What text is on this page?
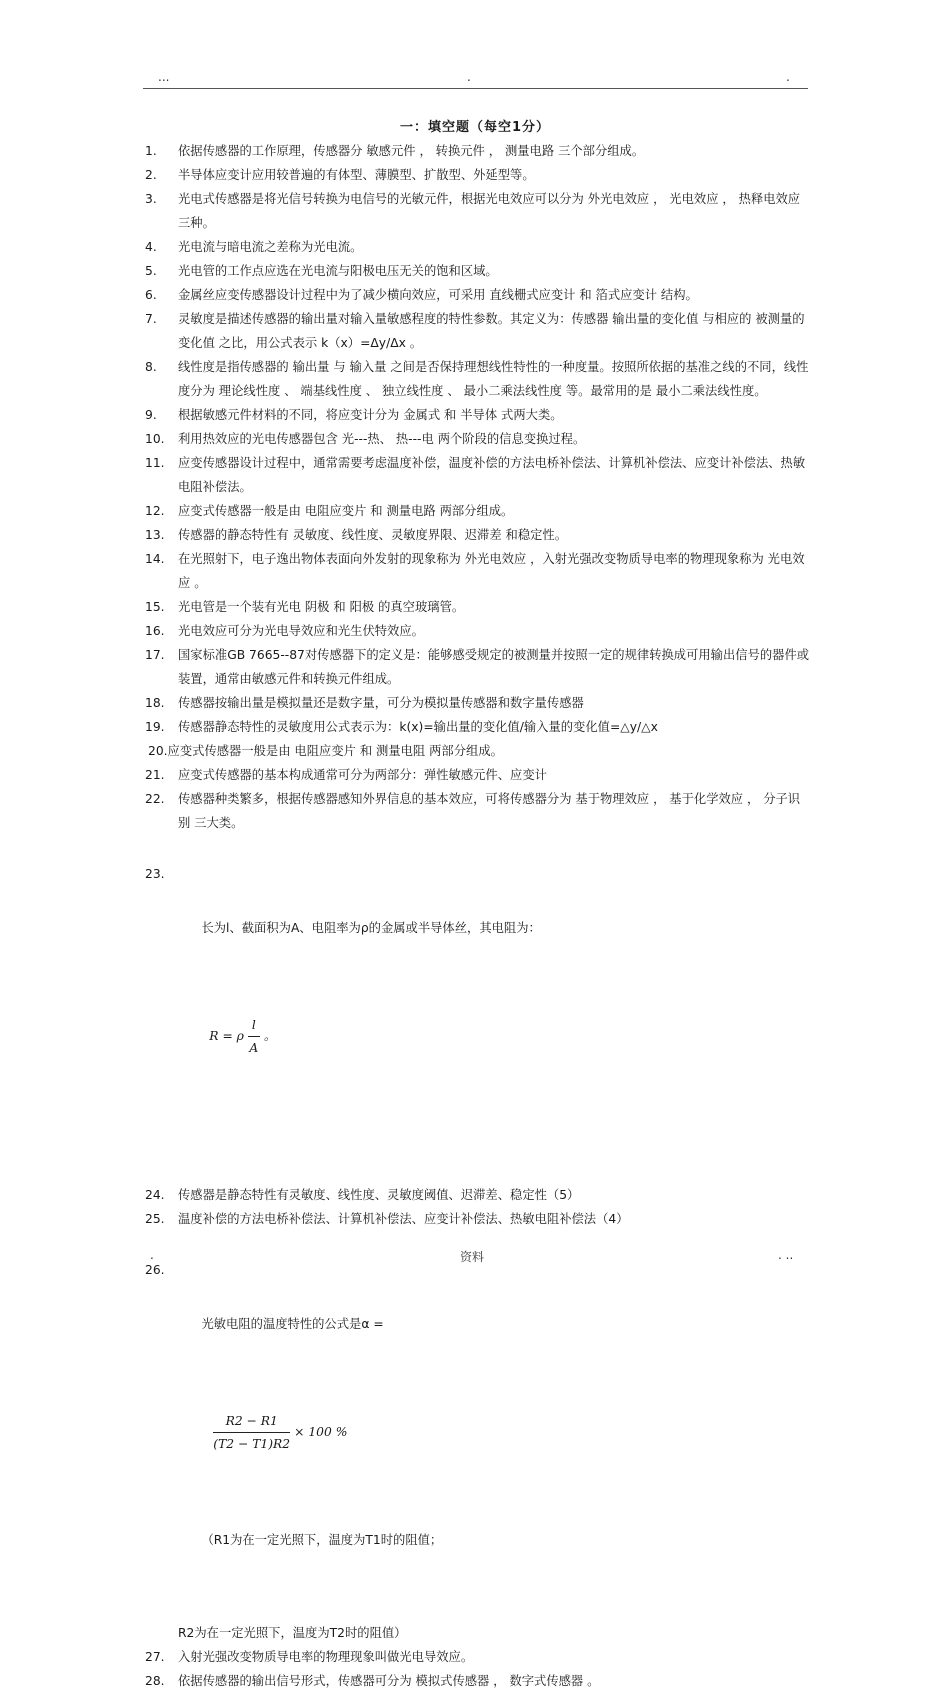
...	.	.
一：填空题（每空1分）
1.	依据传感器的工作原理，传感器分 敏感元件 ， 转换元件 ， 测量电路 三个部分组成。
2.	半导体应变计应用较普遍的有体型、薄膜型、扩散型、外延型等。
3.	光电式传感器是将光信号转换为电信号的光敏元件，根据光电效应可以分为 外光电效应 ， 光电效应 ， 热释电效应 三种。
4.	光电流与暗电流之差称为光电流。
5.	光电管的工作点应选在光电流与阳极电压无关的饱和区域。
6.	金属丝应变传感器设计过程中为了减少横向效应，可采用 直线栅式应变计 和 箔式应变计 结构。
7.	灵敏度是描述传感器的输出量对输入量敏感程度的特性参数。其定义为：传感器 输出量的变化值 与相应的 被测量的变化值 之比，用公式表示 k（x）=Δy/Δx 。
8.	线性度是指传感器的 输出量 与 输入量 之间是否保持理想线性特性的一种度量。按照所依据的基准之线的不同，线性度分为 理论线性度 、 端基线性度 、 独立线性度 、 最小二乘法线性度 等。最常用的是 最小二乘法线性度。
9.	根据敏感元件材料的不同，将应变计分为 金属式 和 半导体 式两大类。
10.	利用热效应的光电传感器包含 光---热、 热---电 两个阶段的信息变换过程。
11.	应变传感器设计过程中，通常需要考虑温度补偿，温度补偿的方法电桥补偿法、计算机补偿法、应变计补偿法、热敏电阻补偿法。
12.	应变式传感器一般是由 电阻应变片 和 测量电路 两部分组成。
13.	传感器的静态特性有 灵敏度、线性度、灵敏度界限、迟滞差 和稳定性。
14.	在光照射下，电子逸出物体表面向外发射的现象称为 外光电效应 ，入射光强改变物质导电率的物理现象称为 光电效应 。
15.	光电管是一个装有光电 阴极 和 阳极 的真空玻璃管。
16.	光电效应可分为光电导效应和光生伏特效应。
17.	国家标准GB 7665--87对传感器下的定义是：能够感受规定的被测量并按照一定的规律转换成可用输出信号的器件或装置，通常由敏感元件和转换元件组成。
18.	传感器按输出量是模拟量还是数字量，可分为模拟量传感器和数字量传感器
19.	传感器静态特性的灵敏度用公式表示为：k(x)=输出量的变化值/输入量的变化值=△y/△x
20.应变式传感器一般是由 电阻应变片 和 测量电阻 两部分组成。
21.	应变式传感器的基本构成通常可分为两部分：弹性敏感元件、应变计
22.	传感器种类繁多，根据传感器感知外界信息的基本效应，可将传感器分为 基于物理效应 ， 基于化学效应 ， 分子识别 三大类。
23.

长为l、截面积为A、电阻率为ρ的金属或半导体丝，其电阻为：

R = ρ $\frac{l}{A}$ 。

24.	传感器是静态特性有灵敏度、线性度、灵敏度阈值、迟滞差、稳定性（5）
25.	温度补偿的方法电桥补偿法、计算机补偿法、应变计补偿法、热敏电阻补偿法（4）
26.

光敏电阻的温度特性的公式是α =

$\frac{R2 - R1}{(T2 - T1)R2} \times 100$ %

（R1为在一定光照下，温度为T1时的阻值；

R2为在一定光照下，温度为T2时的阻值）
27.	入射光强改变物质导电率的物理现象叫做光电导效应。
28.	依据传感器的输出信号形式，传感器可分为 模拟式传感器 ， 数字式传感器 。
.	资料	. ..
